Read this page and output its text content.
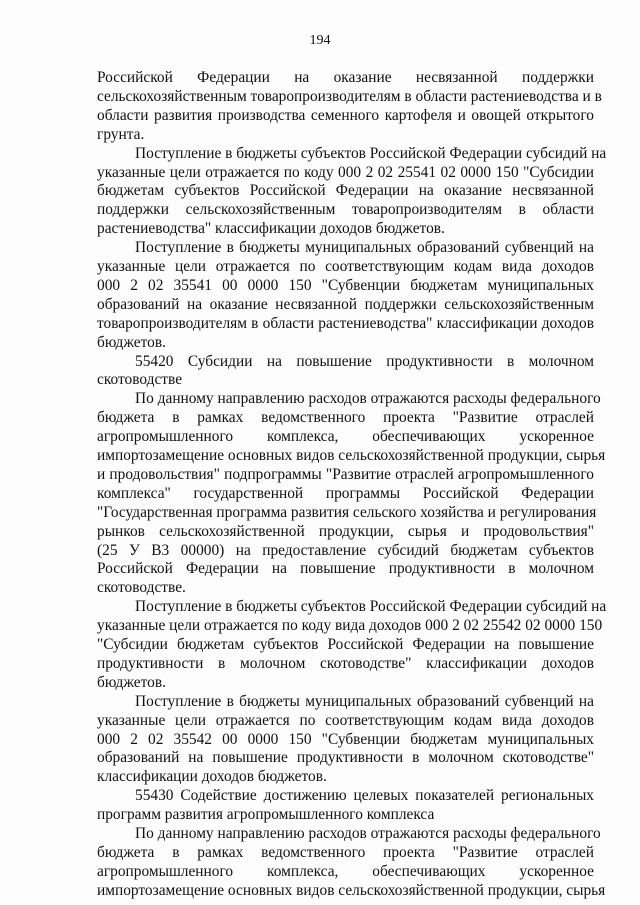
194
Российской Федерации на оказание несвязанной поддержки
сельскохозяйственным товаропроизводителям в области растениеводства и в
области развития производства семенного картофеля и овощей открытого
грунта.
Поступление в бюджеты субъектов Российской Федерации субсидий на
указанные цели отражается по коду 000 2 02 25541 02 0000 150 "Субсидии
бюджетам субъектов Российской Федерации на оказание несвязанной
поддержки сельскохозяйственным товаропроизводителям в области
растениеводства" классификации доходов бюджетов.
Поступление в бюджеты муниципальных образований субвенций на
указанные цели отражается по соответствующим кодам вида доходов
000 2 02 35541 00 0000 150 "Субвенции бюджетам муниципальных
образований на оказание несвязанной поддержки сельскохозяйственным
товаропроизводителям в области растениеводства" классификации доходов
бюджетов.
55420 Субсидии на повышение продуктивности в молочном
скотоводстве
По данному направлению расходов отражаются расходы федерального
бюджета в рамках ведомственного проекта "Развитие отраслей
агропромышленного комплекса, обеспечивающих ускоренное
импортозамещение основных видов сельскохозяйственной продукции, сырья
и продовольствия" подпрограммы "Развитие отраслей агропромышленного
комплекса" государственной программы Российской Федерации
"Государственная программа развития сельского хозяйства и регулирования
рынков сельскохозяйственной продукции, сырья и продовольствия"
(25 У В3 00000) на предоставление субсидий бюджетам субъектов
Российской Федерации на повышение продуктивности в молочном
скотоводстве.
Поступление в бюджеты субъектов Российской Федерации субсидий на
указанные цели отражается по коду вида доходов 000 2 02 25542 02 0000 150
"Субсидии бюджетам субъектов Российской Федерации на повышение
продуктивности в молочном скотоводстве" классификации доходов
бюджетов.
Поступление в бюджеты муниципальных образований субвенций на
указанные цели отражается по соответствующим кодам вида доходов
000 2 02 35542 00 0000 150 "Субвенции бюджетам муниципальных
образований на повышение продуктивности в молочном скотоводстве"
классификации доходов бюджетов.
55430 Содействие достижению целевых показателей региональных
программ развития агропромышленного комплекса
По данному направлению расходов отражаются расходы федерального
бюджета в рамках ведомственного проекта "Развитие отраслей
агропромышленного комплекса, обеспечивающих ускоренное
импортозамещение основных видов сельскохозяйственной продукции, сырья
